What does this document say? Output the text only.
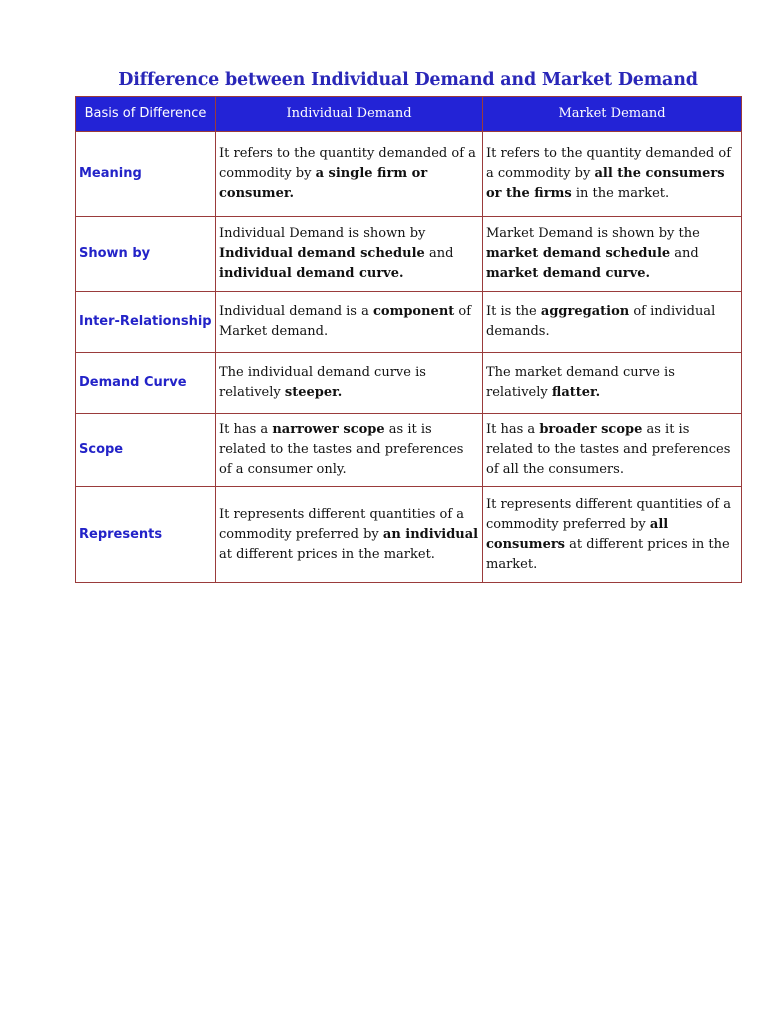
Difference between Individual Demand and Market Demand
Basis of Difference	Individual Demand	Market Demand
Meaning	It refers to the quantity demanded of a commodity by a single firm or consumer.	It refers to the quantity demanded of a commodity by all the consumers or the firms in the market.
Shown by	Individual Demand is shown by Individual demand schedule and individual demand curve.	Market Demand is shown by the market demand schedule and market demand curve.
Inter-Relationship	Individual demand is a component of Market demand.	It is the aggregation of individual demands.
Demand Curve	The individual demand curve is relatively steeper.	The market demand curve is relatively flatter.
Scope	It has a narrower scope as it is related to the tastes and preferences of a consumer only.	It has a broader scope as it is related to the tastes and preferences of all the consumers.
Represents	It represents different quantities of a commodity preferred by an individual at different prices in the market.	It represents different quantities of a commodity preferred by all consumers at different prices in the market.
